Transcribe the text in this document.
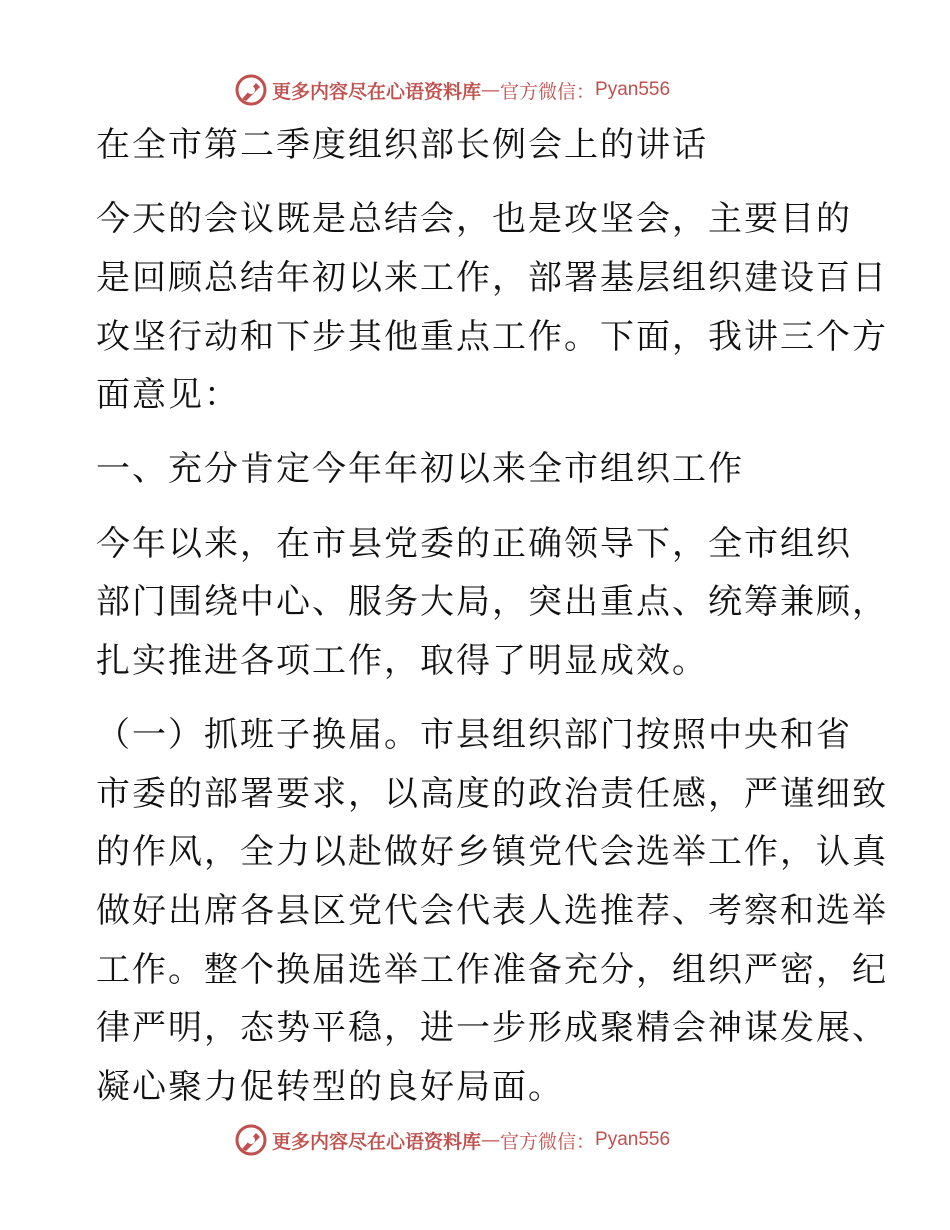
更多内容尽在心语资料库 — 官方微信： Pyan556
在全市第二季度组织部长例会上的讲话
今天的会议既是总结会，也是攻坚会，主要目的
是回顾总结年初以来工作，部署基层组织建设百日
攻坚行动和下步其他重点工作。下面，我讲三个方
面意见：
一、充分肯定今年年初以来全市组织工作
今年以来，在市县党委的正确领导下，全市组织
部门围绕中心、服务大局，突出重点、统筹兼顾，
扎实推进各项工作，取得了明显成效。
（一）抓班子换届。市县组织部门按照中央和省
市委的部署要求，以高度的政治责任感，严谨细致
的作风，全力以赴做好乡镇党代会选举工作，认真
做好出席各县区党代会代表人选推荐、考察和选举
工作。整个换届选举工作准备充分，组织严密，纪
律严明，态势平稳，进一步形成聚精会神谋发展、
凝心聚力促转型的良好局面。
更多内容尽在心语资料库 — 官方微信： Pyan556
